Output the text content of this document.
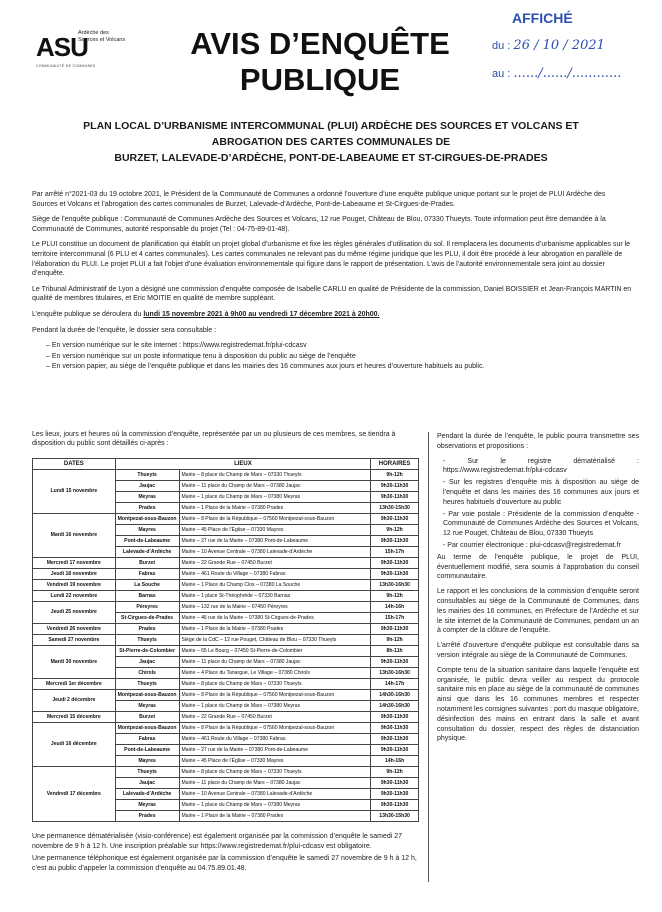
ASU
Ardèche des Sources et Volcans
COMMUNAUTÉ DE COMMUNES
AVIS D’ENQUÊTE PUBLIQUE
AFFICHÉ
du : 26 / 10 / 2021
au : ....../....../............
PLAN LOCAL D’URBANISME INTERCOMMUNAL (PLUI) ARDÈCHE DES SOURCES ET VOLCANS ET
ABROGATION DES CARTES COMMUNALES DE
BURZET, LALEVADE-D’ARDÈCHE, PONT-DE-LABEAUME ET ST-CIRGUES-DE-PRADES

Par arrêté n°2021-03 du 19 octobre 2021, le Président de la Communauté de Communes a ordonné l’ouverture d’une enquête publique unique portant sur le projet de PLUI Ardèche des Sources et Volcans et l’abrogation des cartes communales de Burzet, Lalevade-d’Ardèche, Pont-de-Labeaume et St-Cirgues-de-Prades.

Siège de l’enquête publique : Communauté de Communes Ardèche des Sources et Volcans, 12 rue Pouget, Château de Blou, 07330 Thueyts. Toute information peut être demandée à la Communauté de Communes, autorité responsable du projet (Tel : 04-75-89-01-48).

Le PLUI constitue un document de planification qui établit un projet global d’urbanisme et fixe les règles générales d’utilisation du sol. Il remplacera les documents d’urbanisme applicables sur le territoire intercommunal (6 PLU et 4 cartes communales). Les cartes communales ne relevant pas du même régime juridique que les PLU, il doit être procédé à leur abrogation en parallèle de l’élaboration du PLUI. Le projet PLUI a fait l’objet d’une évaluation environnementale qui figure dans le rapport de présentation. L’avis de l’autorité environnementale sera joint au dossier d’enquête.

Le Tribunal Administratif de Lyon a désigné une commission d’enquête composée de Isabelle CARLU en qualité de Présidente de la commission, Daniel BOISSIER et Jean-François MARTIN en qualité de membres titulaires, et Eric MOITIE en qualité de membre suppléant.

L’enquête publique se déroulera du lundi 15 novembre 2021 à 9h00 au vendredi 17 décembre 2021 à 20h00.

Pendant la durée de l’enquête, le dossier sera consultable :

– En version numérique sur le site internet : https://www.registredemat.fr/plui-cdcasv
– En version numérique sur un poste informatique tenu à disposition du public au siège de l’enquête
– En version papier, au siège de l’enquête publique et dans les mairies des 16 communes aux jours et heures d’ouverture habituels au public.

Les lieux, jours et heures où la commission d’enquête, représentée par un ou plusieurs de ces membres, se tiendra à disposition du public sont détaillés ci-après :

DATES	LIEUX		HORAIRES
Lundi 15 novembre	Thueyts	Mairie – 8 place du Champ de Mars – 07330 Thueyts	9h-12h
	Jaujac	Mairie – 11 place du Champ de Mars – 07380 Jaujac	9h30-11h30
	Meyras	Mairie – 1 place du Champ de Mars – 07380 Meyras	9h30-11h30
	Prades	Mairie – 1 Place de la Mairie – 07380 Prades	13h30-15h30
Mardi 16 novembre	Montpezat-sous-Bauzon	Mairie – 8 Place de la République – 07560 Montpezat-sous-Bauzon	9h30-11h30
	Mayres	Mairie – 45 Place de l’Église – 07330 Mayres	9h-12h
	Pont-de-Labeaume	Mairie – 27 rue de la Mairie – 07380 Pont-de-Labeaume	9h30-11h30
	Lalevade-d’Ardèche	Mairie – 10 Avenue Centrale – 07380 Lalevade-d’Ardèche	15h-17h
Mercredi 17 novembre	Burzet	Mairie – 22 Grande Rue – 07450 Burzet	9h30-11h30
Jeudi 18 novembre	Fabras	Mairie – 461 Route du Village – 07380 Fabras	9h30-11h30
Vendredi 19 novembre	La Souche	Mairie – 1 Place du Champ Clos – 07380 La Souche	13h30-16h30
Lundi 22 novembre	Barnas	Mairie – 1 place St-Théophrède – 07330 Barnas	9h-12h
Jeudi 25 novembre	Péreyres	Mairie – 132 rue de la Mairie – 07450 Péreyres	14h-16h
	St-Cirgues-de-Prades	Mairie – 46 rue de la Mairie – 07380 St-Cirgues-de-Prades	15h-17h
Vendredi 26 novembre	Prades	Mairie – 1 Place de la Mairie – 07380 Prades	9h30-11h30
Samedi 27 novembre	Thueyts	Siège de la CdC – 12 rue Pouget, Château de Blou – 07330 Thueyts	9h-12h
Mardi 30 novembre	St-Pierre-de-Colombier	Mairie – 65 Le Bourg – 07450 St-Pierre-de-Colombier	8h-11h
	Jaujac	Mairie – 11 place du Champ de Mars – 07380 Jaujac	9h30-11h30
	Chirols	Mairie – 4 Place du Tanargue, Le Village – 07380 Chirols	13h30-16h30
Mercredi 1er décembre	Thueyts	Mairie – 8 place du Champ de Mars – 07330 Thueyts	14h-17h
Jeudi 2 décembre	Montpezat-sous-Bauzon	Mairie – 8 Place de la République – 07560 Montpezat-sous-Bauzon	14h30-16h30
	Meyras	Mairie – 1 place du Champ de Mars – 07380 Meyras	14h30-16h30
Mercredi 15 décembre	Burzet	Mairie – 22 Grande Rue – 07450 Burzet	9h30-11h30
Jeudi 16 décembre	Montpezat-sous-Bauzon	Mairie – 8 Place de la République – 07560 Montpezat-sous-Bauzon	9h30-11h30
	Fabras	Mairie – 461 Route du Village – 07380 Fabras	9h30-11h30
	Pont-de-Labeaume	Mairie – 27 rue de la Mairie – 07380 Pont-de-Labeaume	9h30-11h30
	Mayres	Mairie – 45 Place de l’Église – 07330 Mayres	14h-16h
Vendredi 17 décembre	Thueyts	Mairie – 8 place du Champ de Mars – 07330 Thueyts	9h-12h
	Jaujac	Mairie – 11 place du Champ de Mars – 07380 Jaujac	9h30-11h30
	Lalevade-d’Ardèche	Mairie – 10 Avenue Centrale – 07380 Lalevade-d’Ardèche	9h30-11h30
	Meyras	Mairie – 1 place du Champ de Mars – 07380 Meyras	9h30-11h30
	Prades	Mairie – 1 Place de la Mairie – 07380 Prades	13h30-15h30

Une permanence dématérialisée (visio-conférence) est également organisée par la commission d’enquête le samedi 27 novembre de 9 h à 12 h. Une inscription préalable sur https://www.registredemat.fr/plui-cdcasv est obligatoire.

Une permanence téléphonique est également organisée par la commission d’enquête le samedi 27 novembre de 9 h à 12 h, c’est au public d’appeler la commission d’enquête au 04.75.89.01.48.

Pendant la durée de l’enquête, le public pourra transmettre ses observations et propositions :

- Sur le registre dématérialisé : https://www.registredemat.fr/plui-cdcasv

- Sur les registres d’enquête mis à disposition au siège de l’enquête et dans les mairies des 16 communes aux jours et heures habituels d’ouverture au public

- Par voie postale : Présidente de la commission d’enquête - Communauté de Communes Ardèche des Sources et Volcans, 12 rue Pouget, Château de Blou, 07330 Thueyts

- Par courrier électronique : plui-cdcasv@registredemat.fr

Au terme de l’enquête publique, le projet de PLUI, éventuellement modifié, sera soumis à l’approbation du conseil communautaire.

Le rapport et les conclusions de la commission d’enquête seront consultables au siège de la Communauté de Communes, dans les mairies des 16 communes, en Préfecture de l’Ardèche et sur le site internet de la Communauté de Communes, pendant un an à compter de la clôture de l’enquête.

L’arrêté d’ouverture d’enquête publique est consultable dans sa version intégrale au siège de la Communauté de Communes.

Compte tenu de la situation sanitaire dans laquelle l’enquête est organisée, le public devra veiller au respect du protocole sanitaire mis en place au siège de la communauté de communes ainsi que dans les 16 communes membres et respecter notamment les consignes suivantes : port du masque obligatoire, désinfection des mains en entrant dans la salle et avant consultation du dossier, respect des règles de distanciation physique.
